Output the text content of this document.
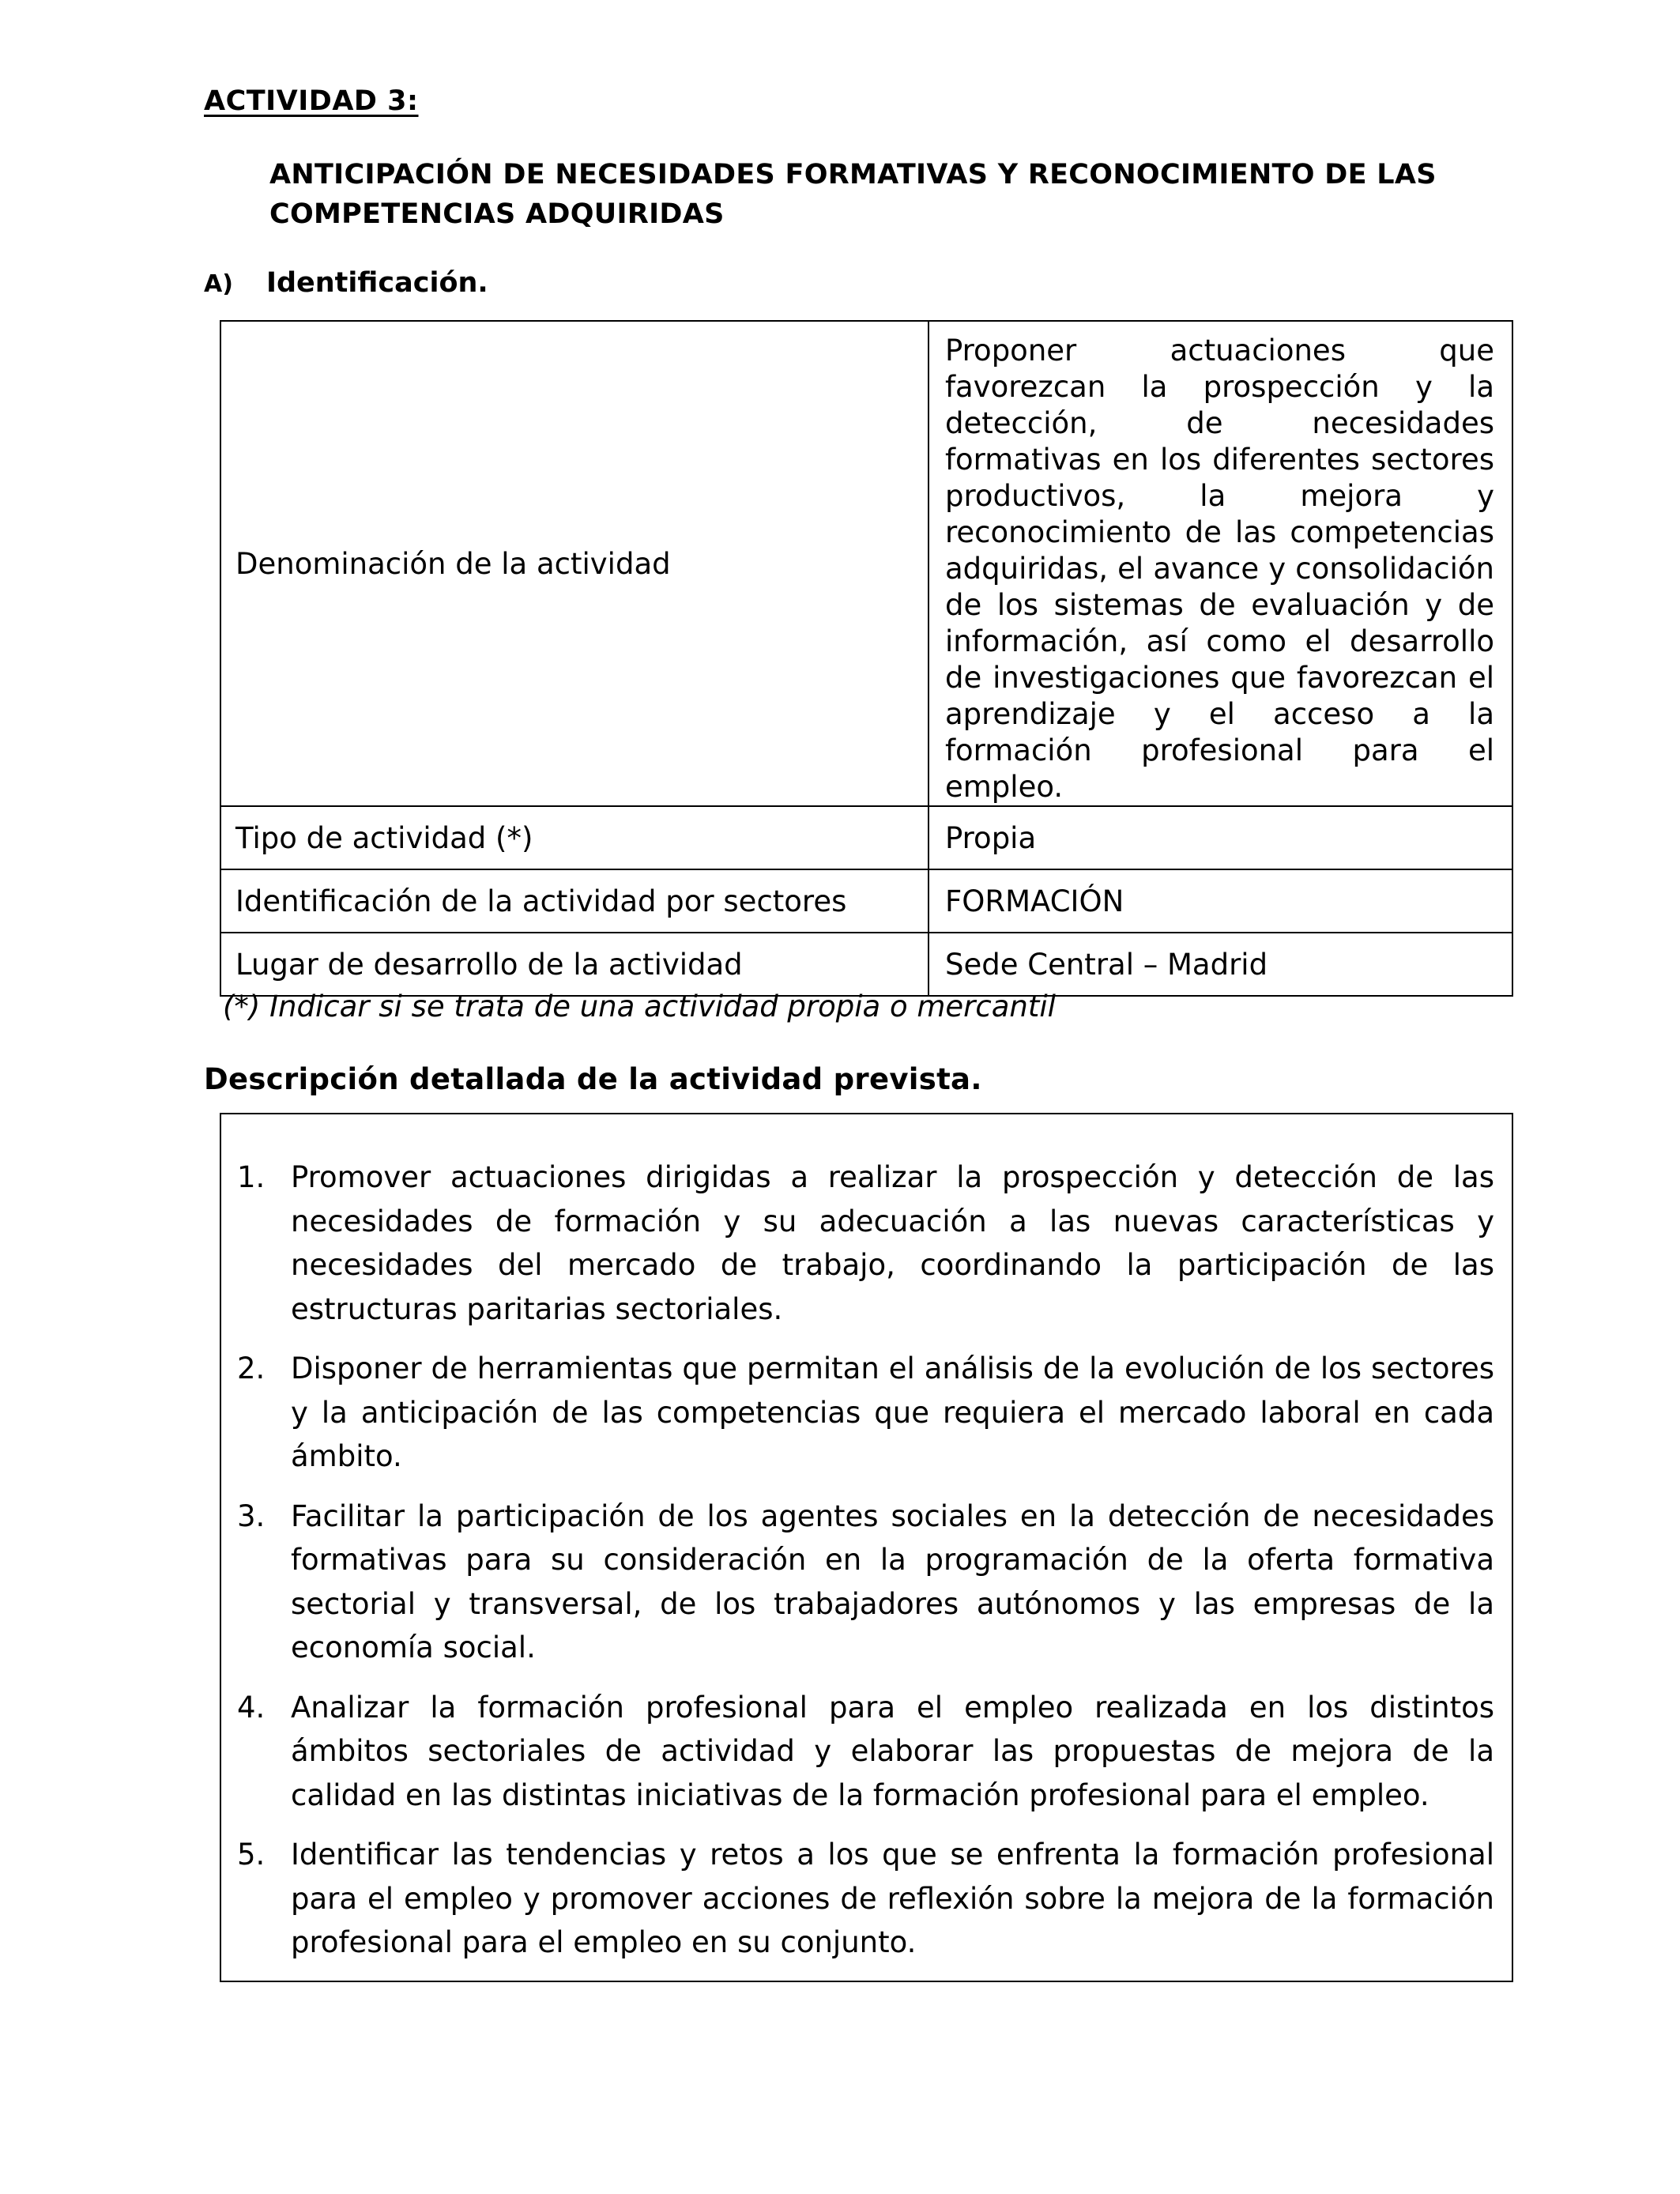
ACTIVIDAD 3:
ANTICIPACIÓN DE NECESIDADES FORMATIVAS Y RECONOCIMIENTO DE LAS COMPETENCIAS ADQUIRIDAS
A) Identificación.
Denominación de la actividad	Proponer actuaciones que favorezcan la prospección y la detección, de necesidades formativas en los diferentes sectores productivos, la mejora y reconocimiento de las competencias adquiridas, el avance y consolidación de los sistemas de evaluación y de información, así como el desarrollo de investigaciones que favorezcan el aprendizaje y el acceso a la formación profesional para el empleo.
Tipo de actividad (*)	Propia
Identificación de la actividad por sectores	FORMACIÓN
Lugar de desarrollo de la actividad	Sede Central – Madrid
(*) Indicar si se trata de una actividad propia o mercantil
Descripción detallada de la actividad prevista.
1. Promover actuaciones dirigidas a realizar la prospección y detección de las necesidades de formación y su adecuación a las nuevas características y necesidades del mercado de trabajo, coordinando la participación de las estructuras paritarias sectoriales.
2. Disponer de herramientas que permitan el análisis de la evolución de los sectores y la anticipación de las competencias que requiera el mercado laboral en cada ámbito.
3. Facilitar la participación de los agentes sociales en la detección de necesidades formativas para su consideración en la programación de la oferta formativa sectorial y transversal, de los trabajadores autónomos y las empresas de la economía social.
4. Analizar la formación profesional para el empleo realizada en los distintos ámbitos sectoriales de actividad y elaborar las propuestas de mejora de la calidad en las distintas iniciativas de la formación profesional para el empleo.
5. Identificar las tendencias y retos a los que se enfrenta la formación profesional para el empleo y promover acciones de reflexión sobre la mejora de la formación profesional para el empleo en su conjunto.
